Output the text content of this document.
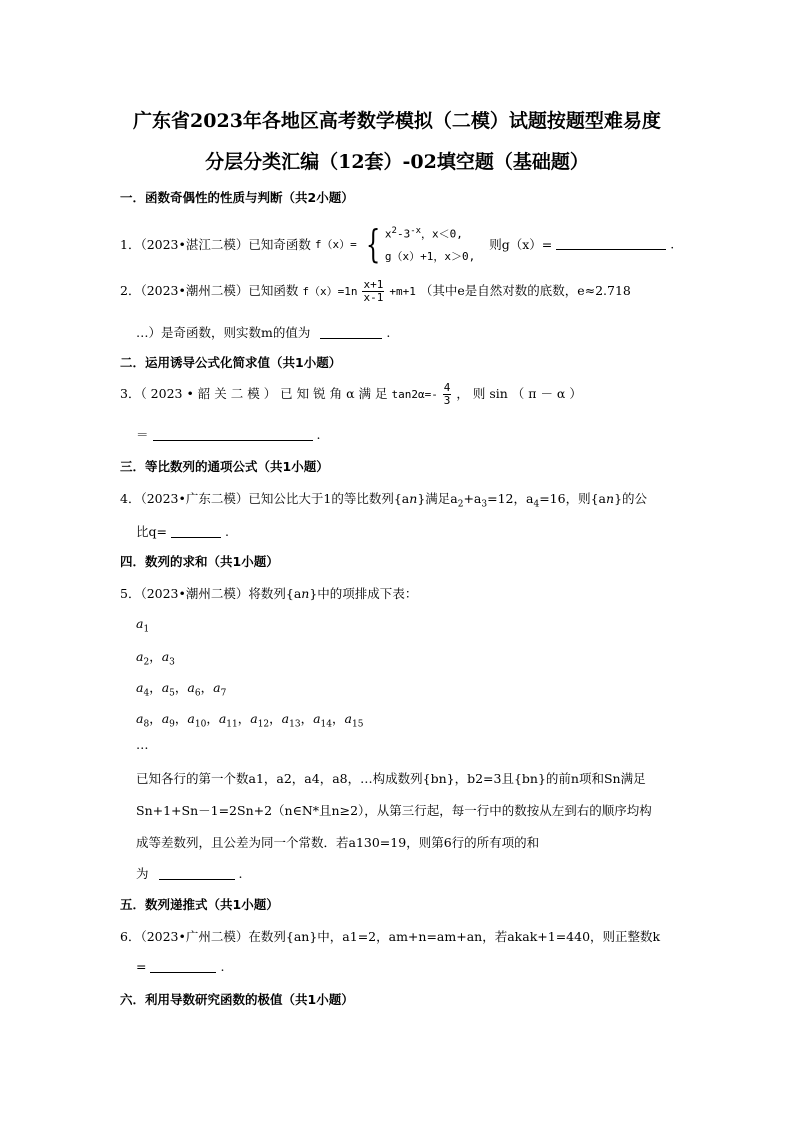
广东省2023年各地区高考数学模拟（二模）试题按题型难易度
分层分类汇编（12套）-02填空题（基础题）
一．函数奇偶性的性质与判断（共2小题）
1．（2023•湛江二模）已知奇函数 f（x）= { $x^2-3^{-x}$，x＜0,
g（x）+1，x＞0,
则g（x）=	.
2．（2023•潮州二模）已知函数 $f(x)=1n \frac{x+1}{x-1} +m+1$ （其中e是自然对数的底数，e≈2.718
…）是奇函数，则实数m的值为	.
二．运用诱导公式化简求值（共1小题）
3．（ 2023 • 韶 关 二 模 ） 已 知 锐 角 α 满 足 $\tan 2\alpha=- \frac{4}{3}$ ， 则 sin （ π － α ）
＝	.
三．等比数列的通项公式（共1小题）
4．（2023•广东二模）已知公比大于1的等比数列{an}满足$a_2+a_3=12$，$a_4=16$，则{an}的公
比q=	.
四．数列的求和（共1小题）
5．（2023•潮州二模）将数列{an}中的项排成下表：
$a_1$
$a_2$，$a_3$
$a_4$，$a_5$，$a_6$，$a_7$
$a_8$，$a_9$，$a_{10}$，$a_{11}$，$a_{12}$，$a_{13}$，$a_{14}$，$a_{15}$
…
已知各行的第一个数a1，a2，a4，a8，…构成数列{bn}，b2=3且{bn}的前n项和Sn满足
Sn+1+Sn－1=2Sn+2（n∈N*且n≥2），从第三行起，每一行中的数按从左到右的顺序均构
成等差数列，且公差为同一个常数．若a130=19，则第6行的所有项的和
为	.
五．数列递推式（共1小题）
6．（2023•广州二模）在数列{an}中，a1=2，am+n=am+an，若akak+1=440，则正整数k
=	.
六．利用导数研究函数的极值（共1小题）
